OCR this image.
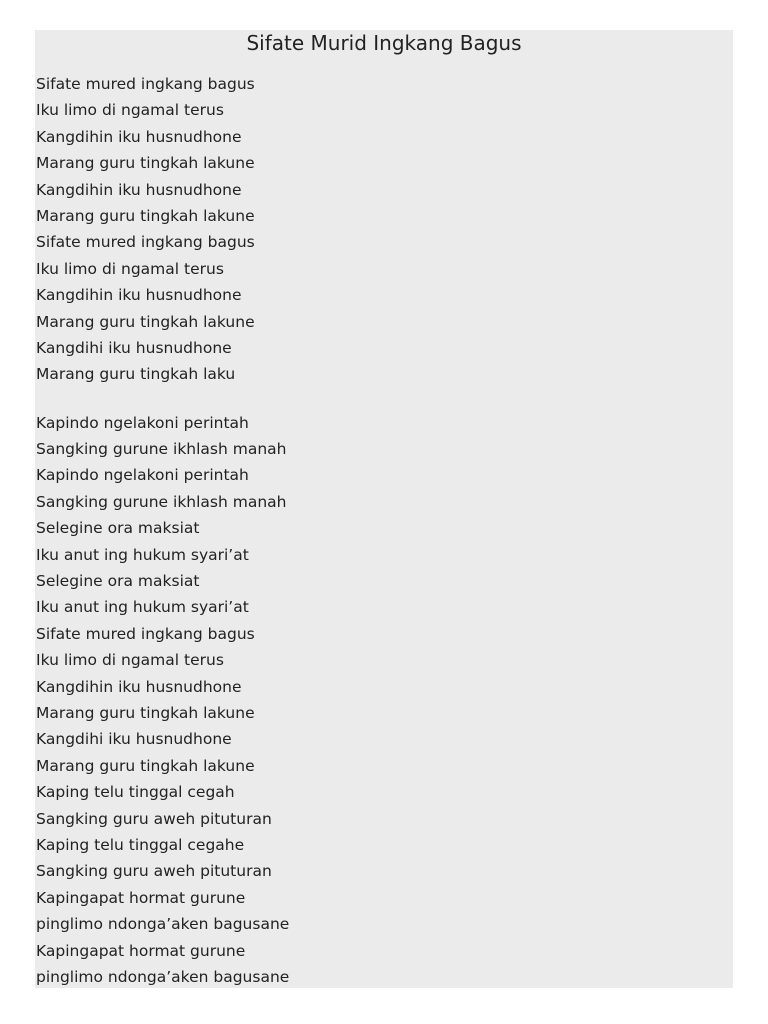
Sifate Murid Ingkang Bagus
Sifate mured ingkang bagus
Iku limo di ngamal terus
Kangdihin iku husnudhone
Marang guru tingkah lakune
Kangdihin iku husnudhone
Marang guru tingkah lakune
Sifate mured ingkang bagus
Iku limo di ngamal terus
Kangdihin iku husnudhone
Marang guru tingkah lakune
Kangdihi iku husnudhone
Marang guru tingkah laku
Kapindo ngelakoni perintah
Sangking gurune ikhlash manah
Kapindo ngelakoni perintah
Sangking gurune ikhlash manah
Selegine ora maksiat
Iku anut ing hukum syari’at
Selegine ora maksiat
Iku anut ing hukum syari’at
Sifate mured ingkang bagus
Iku limo di ngamal terus
Kangdihin iku husnudhone
Marang guru tingkah lakune
Kangdihi iku husnudhone
Marang guru tingkah lakune
Kaping telu tinggal cegah
Sangking guru aweh pituturan
Kaping telu tinggal cegahe
Sangking guru aweh pituturan
Kapingapat hormat gurune
pinglimo ndonga’aken bagusane
Kapingapat hormat gurune
pinglimo ndonga’aken bagusane
